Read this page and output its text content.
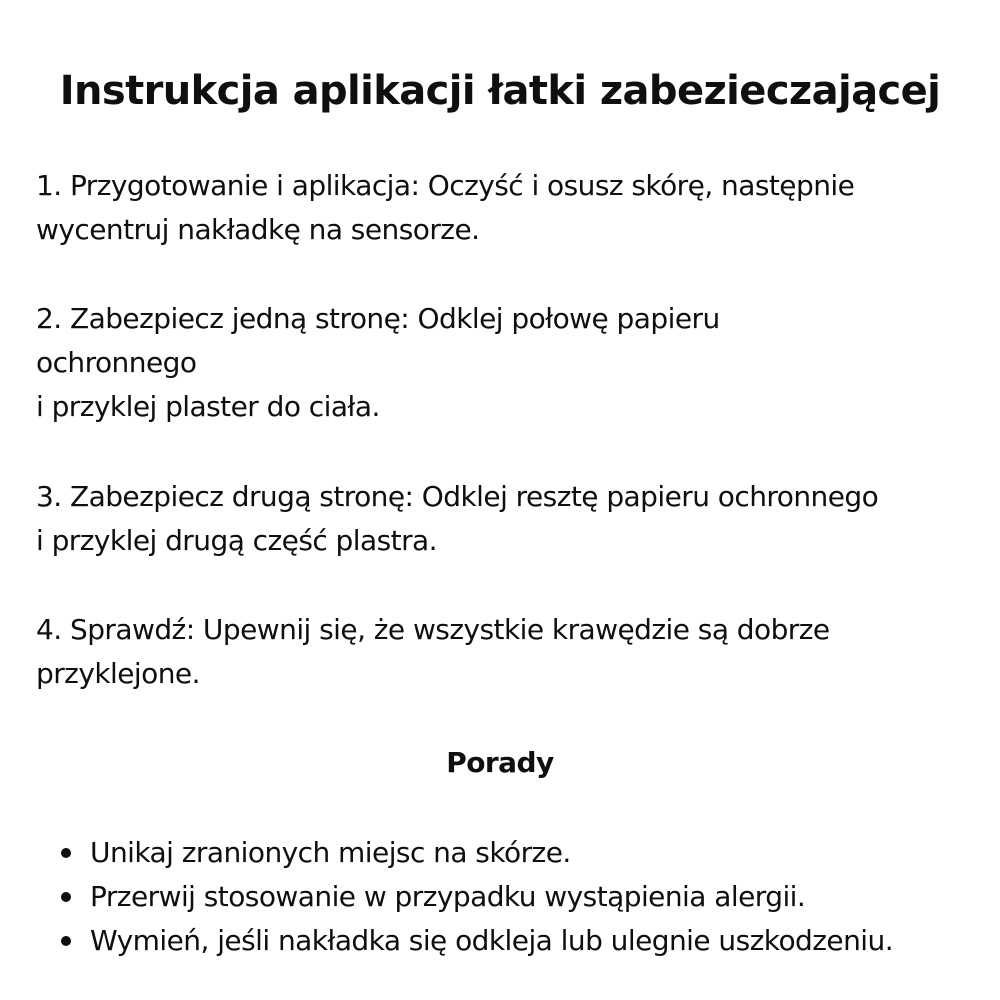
Instrukcja aplikacji łatki zabezieczającej

1. Przygotowanie i aplikacja: Oczyść i osusz skórę, następnie
wycentruj nakładkę na sensorze.

2. Zabezpiecz jedną stronę: Odklej połowę papieru
ochronnego
i przyklej plaster do ciała.

3. Zabezpiecz drugą stronę: Odklej resztę papieru ochronnego
i przyklej drugą część plastra.

4. Sprawdź: Upewnij się, że wszystkie krawędzie są dobrze
przyklejone.

Porady
Unikaj zranionych miejsc na skórze.
Przerwij stosowanie w przypadku wystąpienia alergii.
Wymień, jeśli nakładka się odkleja lub ulegnie uszkodzeniu.
